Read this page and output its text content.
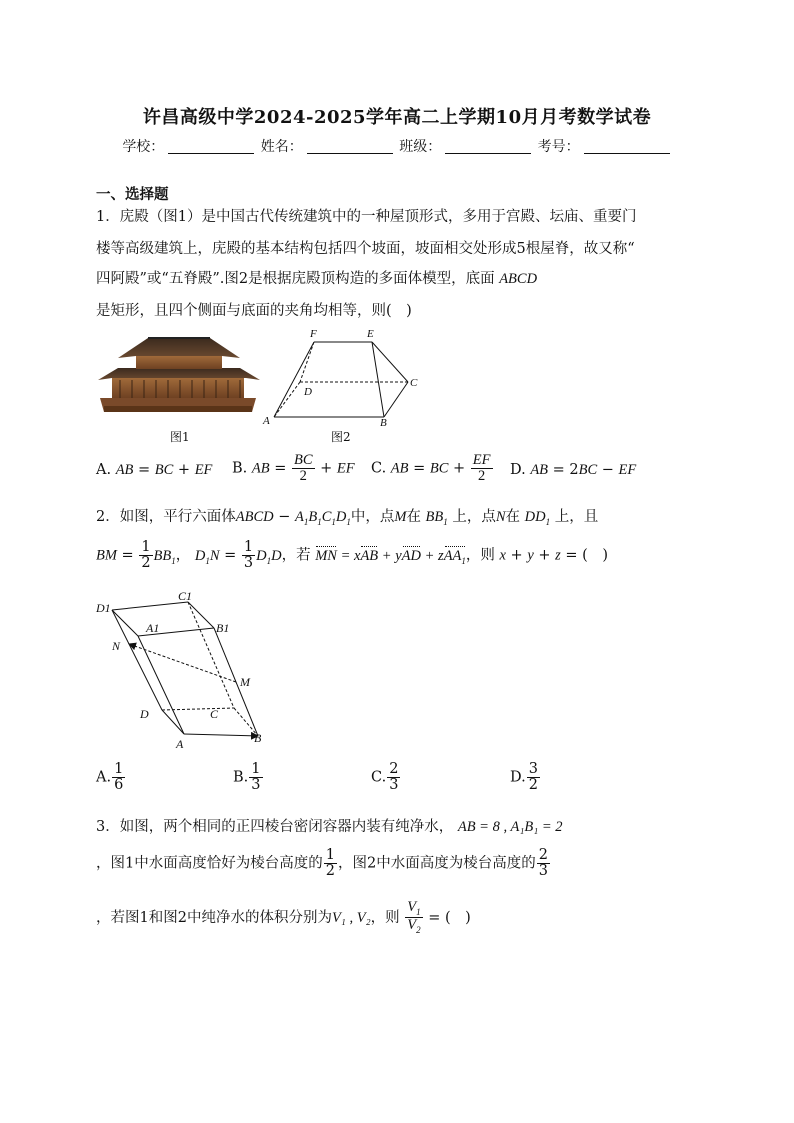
许昌高级中学2024-2025学年高二上学期10月月考数学试卷
学校：	姓名：	班级：	考号：
一、选择题
1．庑殿（图1）是中国古代传统建筑中的一种屋顶形式，多用于宫殿、坛庙、重要门
楼等高级建筑上，庑殿的基本结构包括四个坡面，坡面相交处形成5根屋脊，故又称“
四阿殿”或“五脊殿”.图2是根据庑殿顶构造的多面体模型，底面 ABCD
是矩形，且四个侧面与底面的夹角均相等，则(　)
图1
F	E
C
D
A	B
图2
A. AB = BC + EF B. AB = $\frac{BC}{2}$ + EF C. AB = BC + $\frac{EF}{2} D$. AB = 2BC − EF
2．如图，平行六面体ABCD − $A_1B_1C_1D_1$中，点M在 $BB_1$ 上，点N在 $DD_1$ 上，且
BM = $\frac{1}{2} BB_1$， $D_1N = \frac{1}{3} D_1D$，若 MN = xAB + yAD + zAA$_1$，则 x + y + z = (　)
D1
C1
A1	B1
N
M
D	C
A	B
A. $\frac{1}{6}$	B. $\frac{1}{3}$	C. $\frac{2}{3}$	D. $\frac{3}{2}$
3．如图，两个相同的正四棱台密闭容器内装有纯净水， AB = 8 , A₁B₁ = 2
，图1中水面高度恰好为棱台高度的 $\frac{1}{2}$ ，图2中水面高度为棱台高度的 $\frac{2}{3}$
，若图1和图2中纯净水的体积分别为V₁ , V₂，则 $\frac{V_1}{V_2}$ = (　)
